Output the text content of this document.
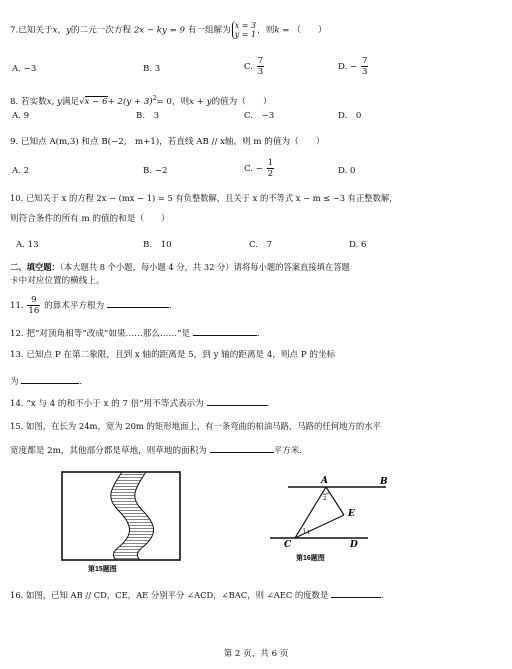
7.已知关于x，y的二元一次方程 2x − ky = 9 有一组解为 x = 3
y = 1 ，则k = （　　）
A. −3	B. 3	C. $\frac{7}{3}$	D. − $\frac{7}{3}$
8. 若实数x, y满足$√x - 6+ 2(y + 3)^2= 0$，则x + y的值为（　　）
A. 9	B.　3	C.　−3	D.　0
9. 已知点 A(m,3) 和点 B(−2,　m+1)，若直线 AB // x轴，则 m 的值为（　　）
A. 2	B. −2	C. − $\frac{1}{2}$	D. 0
10. 已知关于 x 的方程 2x − (mx − 1) = 5 有负整数解，且关于 x 的不等式 x − m ≤ −3 有正整数解，
则符合条件的所有 m 的值的和是（　　）
A. 13	B.　10	C.　7	D. 6
二、填空题：（本大题共 8 个小题，每小题 4 分，共 32 分）请将每小题的答案直接填在答题
卡中对应位置的横线上。
11. $\frac{9}{16}$ 的算术平方根为	.
12. 把“对顶角相等”改成“如果……那么……”是	.
13. 已知点 P 在第二象限，且到 x 轴的距离是 5，到 y 轴的距离是 4，则点 P 的坐标
为	.
14. “x 与 4 的和不小于 x 的 7 倍”用不等式表示为	.
15. 如图，在长为 24m，宽为 20m 的矩形地面上，有一条弯曲的柏油马路，马路的任何地方的水平
宽度都是 2m，其他部分都是草地，则草地的面积为	平方米.
第15题图
A	B
C	D
E
1
2
第16题图
16. 如图，已知 AB // CD，CE，AE 分别平分 ∠ACD，∠BAC，则 ∠AEC 的度数是	.
第 2 页，共 6 页
